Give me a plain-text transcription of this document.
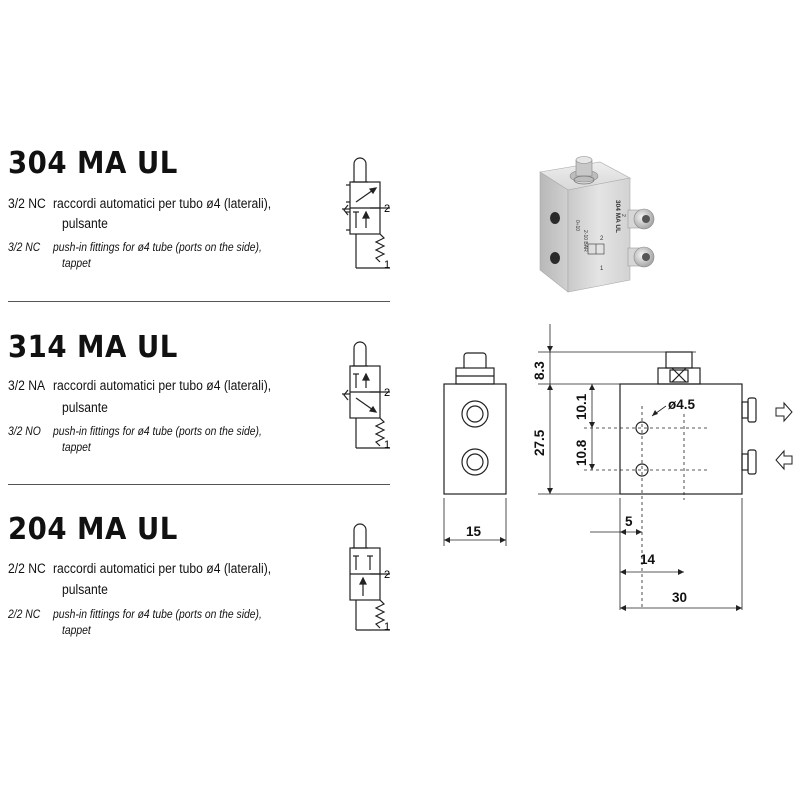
304 MA UL
3/2 NC raccordi automatici per tubo ø4 (laterali),
pulsante
3/2 NC push-in fittings for ø4 tube (ports on the side),
tappet
2
1
314 MA UL
3/2 NA raccordi automatici per tubo ø4 (laterali),
pulsante
3/2 NO push-in fittings for ø4 tube (ports on the side),
tappet
2
1
204 MA UL
2/2 NC raccordi automatici per tubo ø4 (laterali),
pulsante
2/2 NC push-in fittings for ø4 tube (ports on the side),
tappet
2
1
304 MA UL
2
1
0÷10
2-10 BAR
2
15
8.3
27.5
10.1
10.8
ø4.5
5
14
30
